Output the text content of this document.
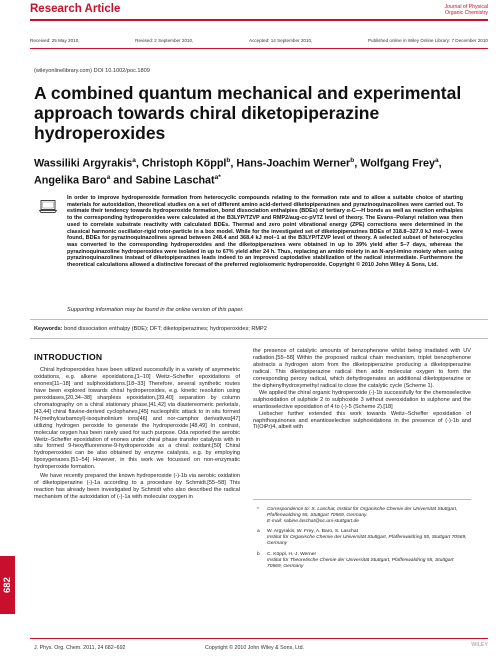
Research Article	Journal of Physical
Organic Chemistry
Received: 25 May 2010,	Revised: 2 September 2010,	Accepted: 14 September 2010,	Published online in Wiley Online Library: 7 December 2010
(wileyonlinelibrary.com) DOI 10.1002/poc.1809
A combined quantum mechanical and experimental approach towards chiral diketopiperazine hydroperoxides
Wassiliki Argyrakis$^a$, Christoph Köppl$^b$, Hans-Joachim Werner$^b$, Wolfgang Frey$^a$, Angelika Baro$^a$ and Sabine Laschat$^{a*}$
In order to improve hydroperoxide formation from heterocyclic compounds relating to the formation rate and to allow a suitable choice of starting materials for autoxidation, theoretical studies on a set of different amino acid-derived diketopiperazines and pyrazinoquinazolines were carried out. To estimate their tendency towards hydroperoxide formation, bond dissociation enthalpies (BDEs) of tertiary α-C—H bonds as well as reaction enthalpies to the corresponding hydroperoxides were calculated at the B3LYP/TZVP and RMP2/aug-cc-pVTZ level of theory. The Evans–Polanyi relation was then used to correlate substrate reactivity with calculated BDEs. Thermal and zero point vibrational energy (ZPE) corrections were determined in the classical harmonic oscillator-rigid rotor-particle in a box model. While for the investigated set of diketopiperazines BDEs of 318.8–327.0 kJ mol−1 were found, BDEs for pyrazinoquinazolines spread between 248.4 and 368.4 kJ mol−1 at the B3LYP/TZVP level of theory. A selected subset of heterocycles was converted to the corresponding hydroperoxides and the diketopiperazines were obtained in up to 39% yield after 5–7 days, whereas the pyrazinoquinazoline hydroperoxides were isolated in up to 67% yield after 24 h. Thus, replacing an amido moiety in an N-aryl-imino moiety when using pyrazinoquinazolines instead of diketopiperazines leads indeed to an improved captodative stabilization of the radical intermediate. Furthermore the theoretical calculations allowed a distinctive forecast of the preferred regioisomeric hydroperoxide. Copyright © 2010 John Wiley & Sons, Ltd.
Supporting information may be found in the online version of this paper.
Keywords: bond dissociation enthalpy (BDE); DFT; diketopiperazines; hydroperoxides; RMP2
INTRODUCTION

Chiral hydroperoxides have been utilized successfully in a variety of asymmetric oxidations, e.g. alkene epoxidations,[1–10] Weitz–Scheffer epoxidations of enones[11–18] and sulphoxidations.[18–33] Therefore, several synthetic routes have been explored towards chiral hydroperoxides, e.g. kinetic resolution using peroxidases,[20,34–38] sharpless epoxidation,[39,40] separation by column chromatography on a chiral stationary phase,[41,42] via diastereomeric perketals,[43,44] chiral flavine-derived cyclophanes,[45] nucleophilic attack to in situ formed N-(methylcarbamoyl)-isoquinolinium ions[46] and nor-camphor derivatives[47] utilizing hydrogen peroxide to generate the hydroperoxide.[48,49] In contrast, molecular oxygen has been rarely used for such purpose. Oda reported the aerobic Weitz–Scheffer epoxidation of enones under chiral phase transfer catalysis with in situ formed 9-hexylfluorenone-9-hydroperoxide as a chiral oxidant.[50] Chiral hydroperoxides can be also obtained by enzyme catalysis, e.g. by employing lipoxygenases.[51–54] However, in this work we focussed on non-enzymatic hydroperoxide formation.

We have recently prepared the known hydroperoxide (-)-1b via aerobic oxidation of diketopiperazine (-)-1a according to a procedure by Schmidt.[55–58] This reaction has already been investigated by Schmidt who also described the radical mechanism of the autoxidation of (-)-1a with molecular oxygen in

the presence of catalytic amounts of benzophenone whilst being irradiated with UV radiation.[55–58] Within the proposed radical chain mechanism, triplet benzophenone abstracts a hydrogen atom from the diketopiperazine producing a diketopiperazine radical. This diketopiperazine radical then adds molecular oxygen to form the corresponding peroxy radical, which dehydrogenates an additional diketopiperazine or the diphenylhydroxymethyl radical to close the catalytic cycle (Scheme 1).

We applied the chiral organic hydroperoxide (-)-1b successfully for the chemoselective sulphoxidation of sulphide 2 to sulphoxide 3 without overoxidation to sulphone and the enantioselective epoxidation of 4 to (-)-5 (Scheme 2).[18]

Liebscher further extended this work towards Weitz–Scheffer epoxidation of naphthoquinones and enantioselective sulphoxidations in the presence of (-)-1b and Ti(OiPr)4, albeit with

*	Correspondence to: S. Laschat, Institut für Organische Chemie der Universität Stuttgart, Pfaffenwaldring 55, Stuttgart 70569, Germany.
E-mail: sabine.laschat@oc.uni-stuttgart.de
a	W. Argyrakis, W. Frey, A. Baro, S. Laschat
Institut für Organische Chemie der Universität Stuttgart, Pfaffenwaldring 55, Stuttgart 70569, Germany
b	C. Köppl, H.-J. Werner
Institut für Theoretische Chemie der Universität Stuttgart, Pfaffenwaldring 55, Stuttgart 70569, Germany
682
J. Phys. Org. Chem. 2011, 24 682–692	Copyright © 2010 John Wiley & Sons, Ltd.	WILEY
